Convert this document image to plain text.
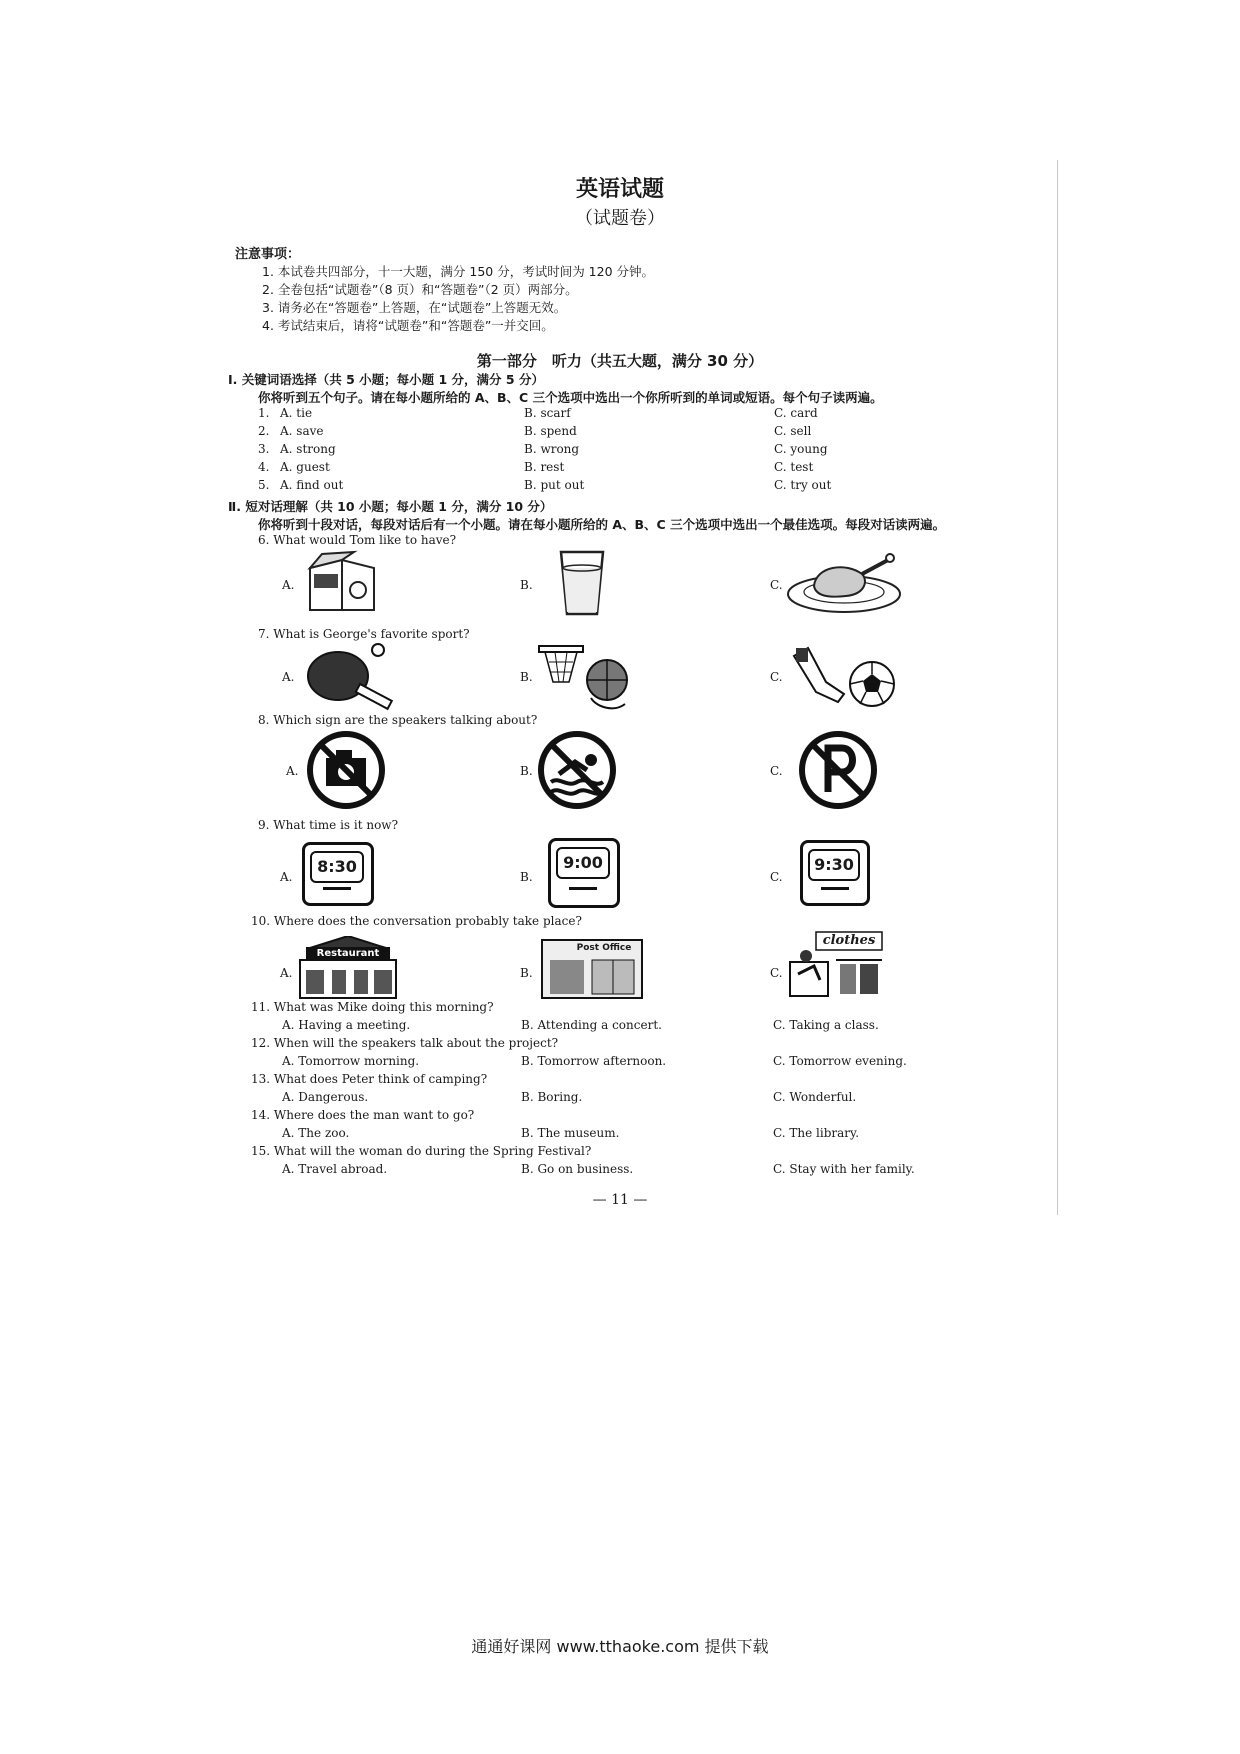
英语试题
（试题卷）
注意事项：
1. 本试卷共四部分，十一大题，满分 150 分，考试时间为 120 分钟。
2. 全卷包括“试题卷”（8 页）和“答题卷”（2 页）两部分。
3. 请务必在“答题卷”上答题，在“试题卷”上答题无效。
4. 考试结束后，请将“试题卷”和“答题卷”一并交回。
第一部分　听力（共五大题，满分 30 分）
Ⅰ. 关键词语选择（共 5 小题；每小题 1 分，满分 5 分）
你将听到五个句子。请在每小题所给的 A、B、C 三个选项中选出一个你所听到的单词或短语。每个句子读两遍。
1. A. tie	B. scarf	C. card
2. A. save	B. spend	C. sell
3. A. strong	B. wrong	C. young
4. A. guest	B. rest	C. test
5. A. find out	B. put out	C. try out
Ⅱ. 短对话理解（共 10 小题；每小题 1 分，满分 10 分）
你将听到十段对话，每段对话后有一个小题。请在每小题所给的 A、B、C 三个选项中选出一个最佳选项。每段对话读两遍。
6. What would Tom like to have?
A.	B.	C.
7. What is George's favorite sport?
A.	B.	C.
8. Which sign are the speakers talking about?
A.	B.	C.
9. What time is it now?
A.
8:30
B.
9:00
C.
9:30
10. Where does the conversation probably take place?
A.
Restaurant
B.
Post Office
C.
clothes
11. What was Mike doing this morning?
A. Having a meeting.	B. Attending a concert.	C. Taking a class.
12. When will the speakers talk about the project?
A. Tomorrow morning.	B. Tomorrow afternoon.	C. Tomorrow evening.
13. What does Peter think of camping?
A. Dangerous.	B. Boring.	C. Wonderful.
14. Where does the man want to go?
A. The zoo.	B. The museum.	C. The library.
15. What will the woman do during the Spring Festival?
A. Travel abroad.	B. Go on business.	C. Stay with her family.
— 11 —
通通好课网 www.tthaoke.com 提供下载
